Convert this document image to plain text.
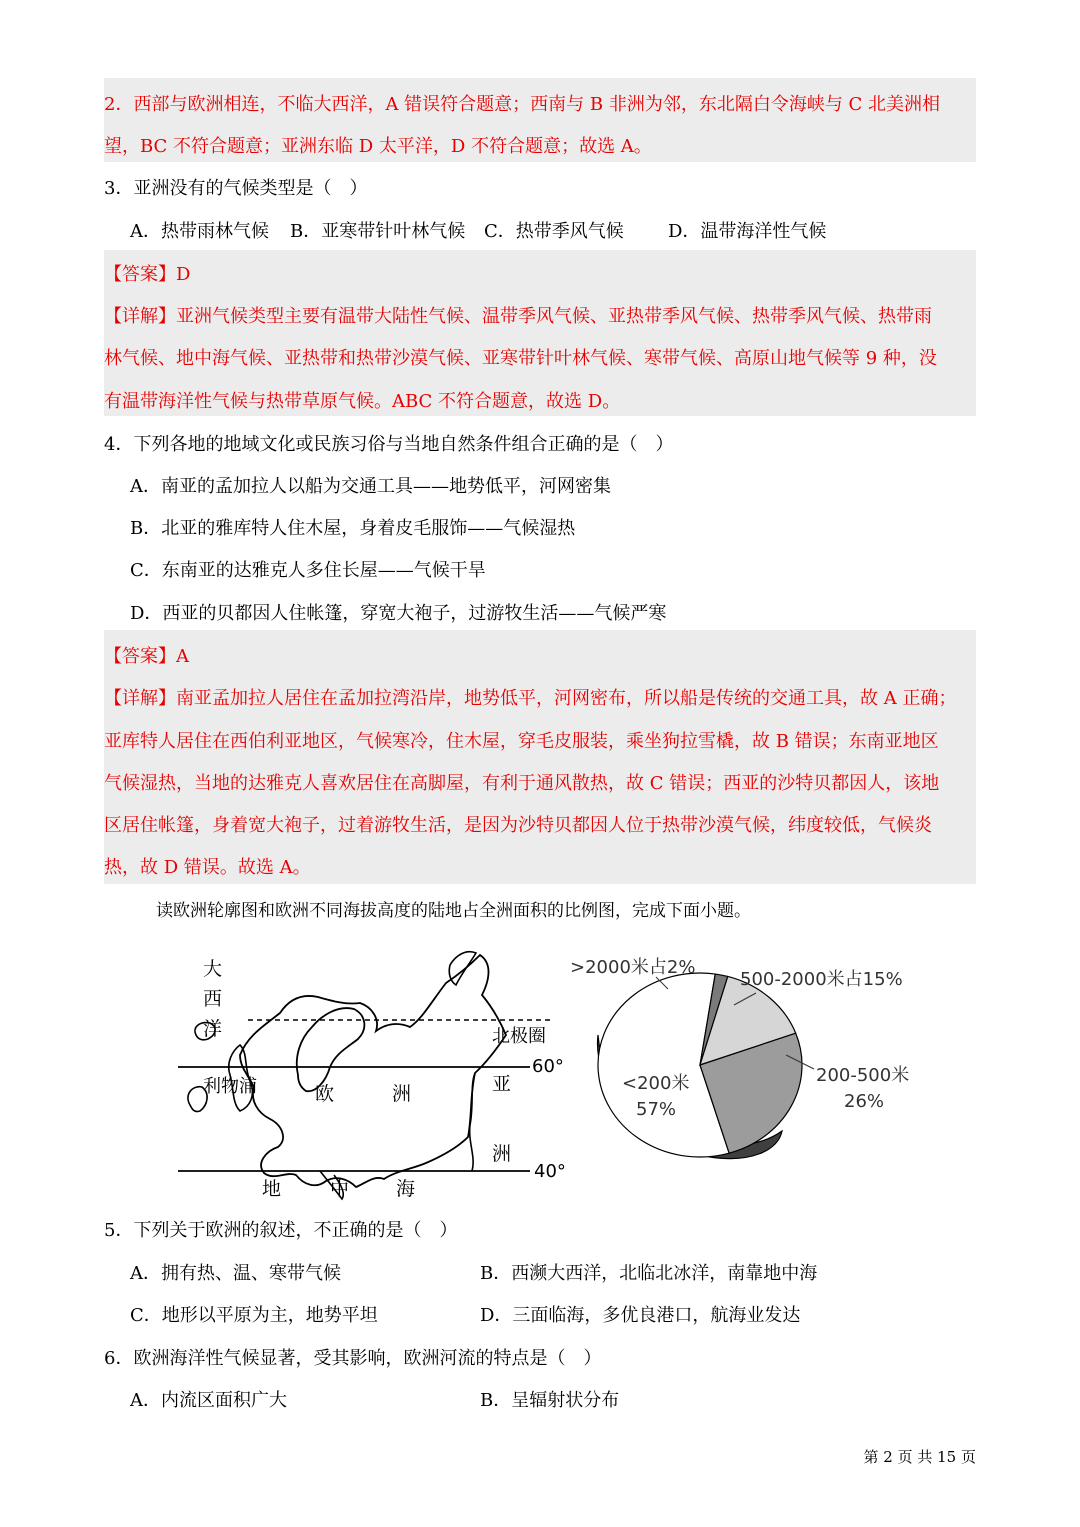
2．西部与欧洲相连，不临大西洋，A 错误符合题意；西南与 B 非洲为邻，东北隔白令海峡与 C 北美洲相
望，BC 不符合题意；亚洲东临 D 太平洋，D 不符合题意；故选 A。
3．亚洲没有的气候类型是（　）
A．热带雨林气候 B．亚寒带针叶林气候 C．热带季风气候 D．温带海洋性气候
【答案】D
【详解】亚洲气候类型主要有温带大陆性气候、温带季风气候、亚热带季风气候、热带季风气候、热带雨
林气候、地中海气候、亚热带和热带沙漠气候、亚寒带针叶林气候、寒带气候、高原山地气候等 9 种，没
有温带海洋性气候与热带草原气候。ABC 不符合题意，故选 D。
4．下列各地的地域文化或民族习俗与当地自然条件组合正确的是（　）
A．南亚的孟加拉人以船为交通工具——地势低平，河网密集
B．北亚的雅库特人住木屋，身着皮毛服饰——气候湿热
C．东南亚的达雅克人多住长屋——气候干旱
D．西亚的贝都因人住帐篷，穿宽大袍子，过游牧生活——气候严寒
【答案】A
【详解】南亚孟加拉人居住在孟加拉湾沿岸，地势低平，河网密布，所以船是传统的交通工具，故 A 正确；
亚库特人居住在西伯利亚地区，气候寒冷，住木屋，穿毛皮服装，乘坐狗拉雪橇，故 B 错误；东南亚地区
气候湿热，当地的达雅克人喜欢居住在高脚屋，有利于通风散热，故 C 错误；西亚的沙特贝都因人，该地
区居住帐篷，身着宽大袍子，过着游牧生活，是因为沙特贝都因人位于热带沙漠气候，纬度较低，气候炎
热，故 D 错误。故选 A。
读欧洲轮廓图和欧洲不同海拔高度的陆地占全洲面积的比例图，完成下面小题。
大
西
洋	北极圈
60°
40°
利物浦	欧	洲	亚
洲
地	中 海
>2000米占2%
500-2000米占15%
200-500米
26%
<200米
57%
5．下列关于欧洲的叙述，不正确的是（　）
A．拥有热、温、寒带气候	B．西濒大西洋，北临北冰洋，南靠地中海
C．地形以平原为主，地势平坦	D．三面临海，多优良港口，航海业发达
6．欧洲海洋性气候显著，受其影响，欧洲河流的特点是（　）
A．内流区面积广大	B．呈辐射状分布
第 2 页 共 15 页
